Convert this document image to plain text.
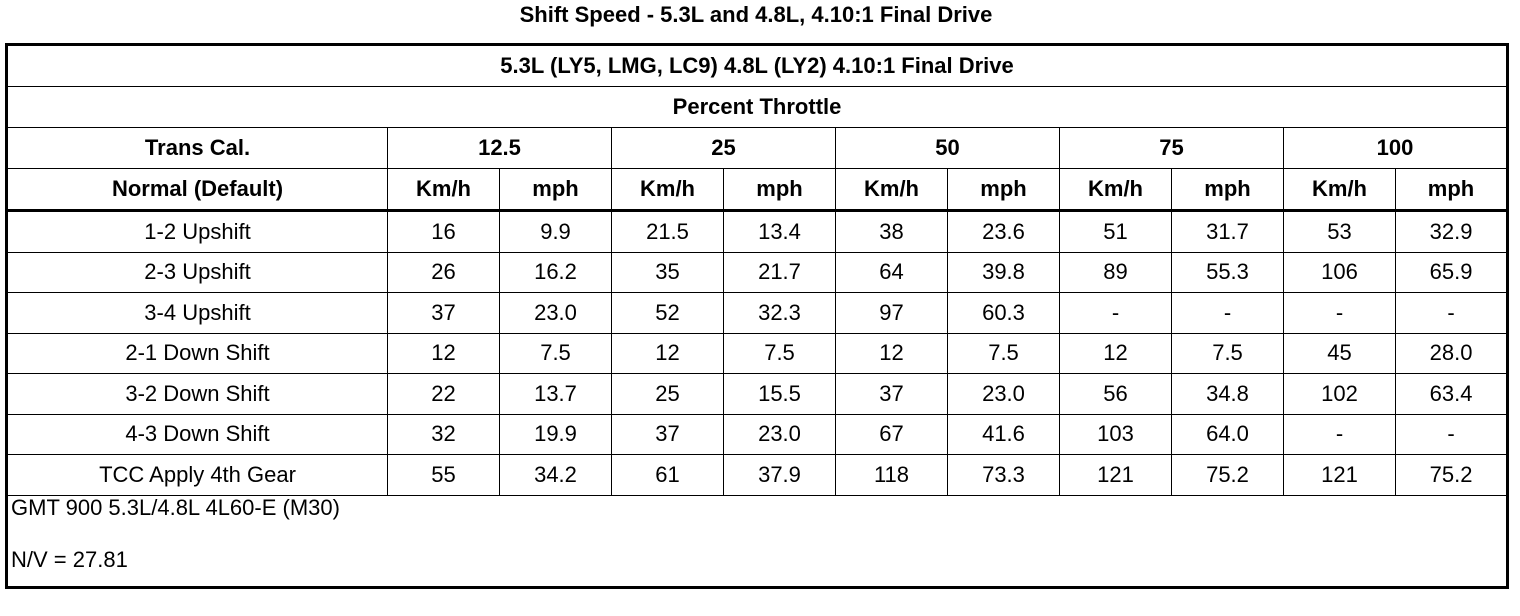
Shift Speed - 5.3L and 4.8L, 4.10:1 Final Drive
5.3L (LY5, LMG, LC9) 4.8L (LY2) 4.10:1 Final Drive										
Percent Throttle										
Trans Cal.	12.5		25		50		75		100	
Normal (Default)	Km/h	mph	Km/h	mph	Km/h	mph	Km/h	mph	Km/h	mph
1-2 Upshift	16	9.9	21.5	13.4	38	23.6	51	31.7	53	32.9
2-3 Upshift	26	16.2	35	21.7	64	39.8	89	55.3	106	65.9
3-4 Upshift	37	23.0	52	32.3	97	60.3	-	-	-	-
2-1 Down Shift	12	7.5	12	7.5	12	7.5	12	7.5	45	28.0
3-2 Down Shift	22	13.7	25	15.5	37	23.0	56	34.8	102	63.4
4-3 Down Shift	32	19.9	37	23.0	67	41.6	103	64.0	-	-
TCC Apply 4th Gear	55	34.2	61	37.9	118	73.3	121	75.2	121	75.2

GMT 900 5.3L/4.8L 4L60-E (M30)
N/V = 27.81										
